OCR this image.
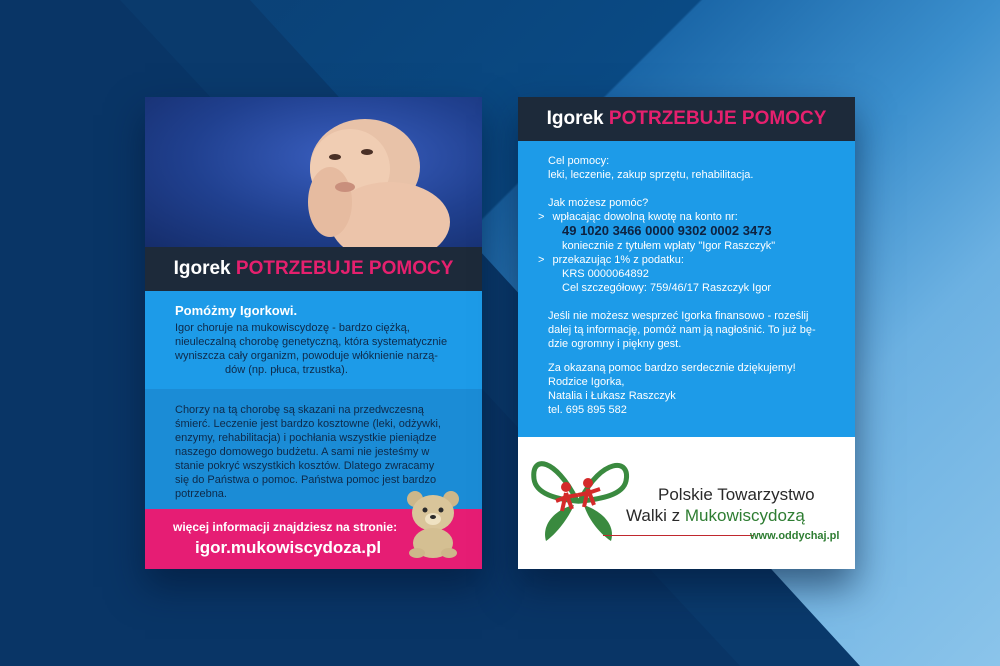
Igorek POTRZEBUJE POMOCY
Pomóżmy Igorkowi.
Igor choruje na mukowiscydozę - bardzo ciężką,
nieuleczalną chorobę genetyczną, która systematycznie
wyniszcza cały organizm, powoduje włóknienie narzą-
dów (np. płuca, trzustka).
Chorzy na tą chorobę są skazani na przedwczesną
śmierć. Leczenie jest bardzo kosztowne (leki, odżywki,
enzymy, rehabilitacja) i pochłania wszystkie pieniądze
naszego domowego budżetu. A sami nie jesteśmy w
stanie pokryć wszystkich kosztów. Dlatego zwracamy
się do Państwa o pomoc. Państwa pomoc jest bardzo
potrzebna.
więcej informacji znajdziesz na stronie:
igor.mukowiscydoza.pl
Igorek POTRZEBUJE POMOCY
Cel pomocy:
leki, leczenie, zakup sprzętu, rehabilitacja.
Jak możesz pomóc?
> wpłacając dowolną kwotę na konto nr:
49 1020 3466 0000 9302 0002 3473
koniecznie z tytułem wpłaty "Igor Raszczyk"
> przekazując 1% z podatku:
KRS 0000064892
Cel szczegółowy: 759/46/17 Raszczyk Igor
Jeśli nie możesz wesprzeć Igorka finansowo - roześlij
dalej tą informację, pomóż nam ją nagłośnić. To już bę-
dzie ogromny i piękny gest.
Za okazaną pomoc bardzo serdecznie dziękujemy!
Rodzice Igorka,
Natalia i Łukasz Raszczyk
tel. 695 895 582
Polskie Towarzystwo
Walki z Mukowiscydozą
www.oddychaj.pl
